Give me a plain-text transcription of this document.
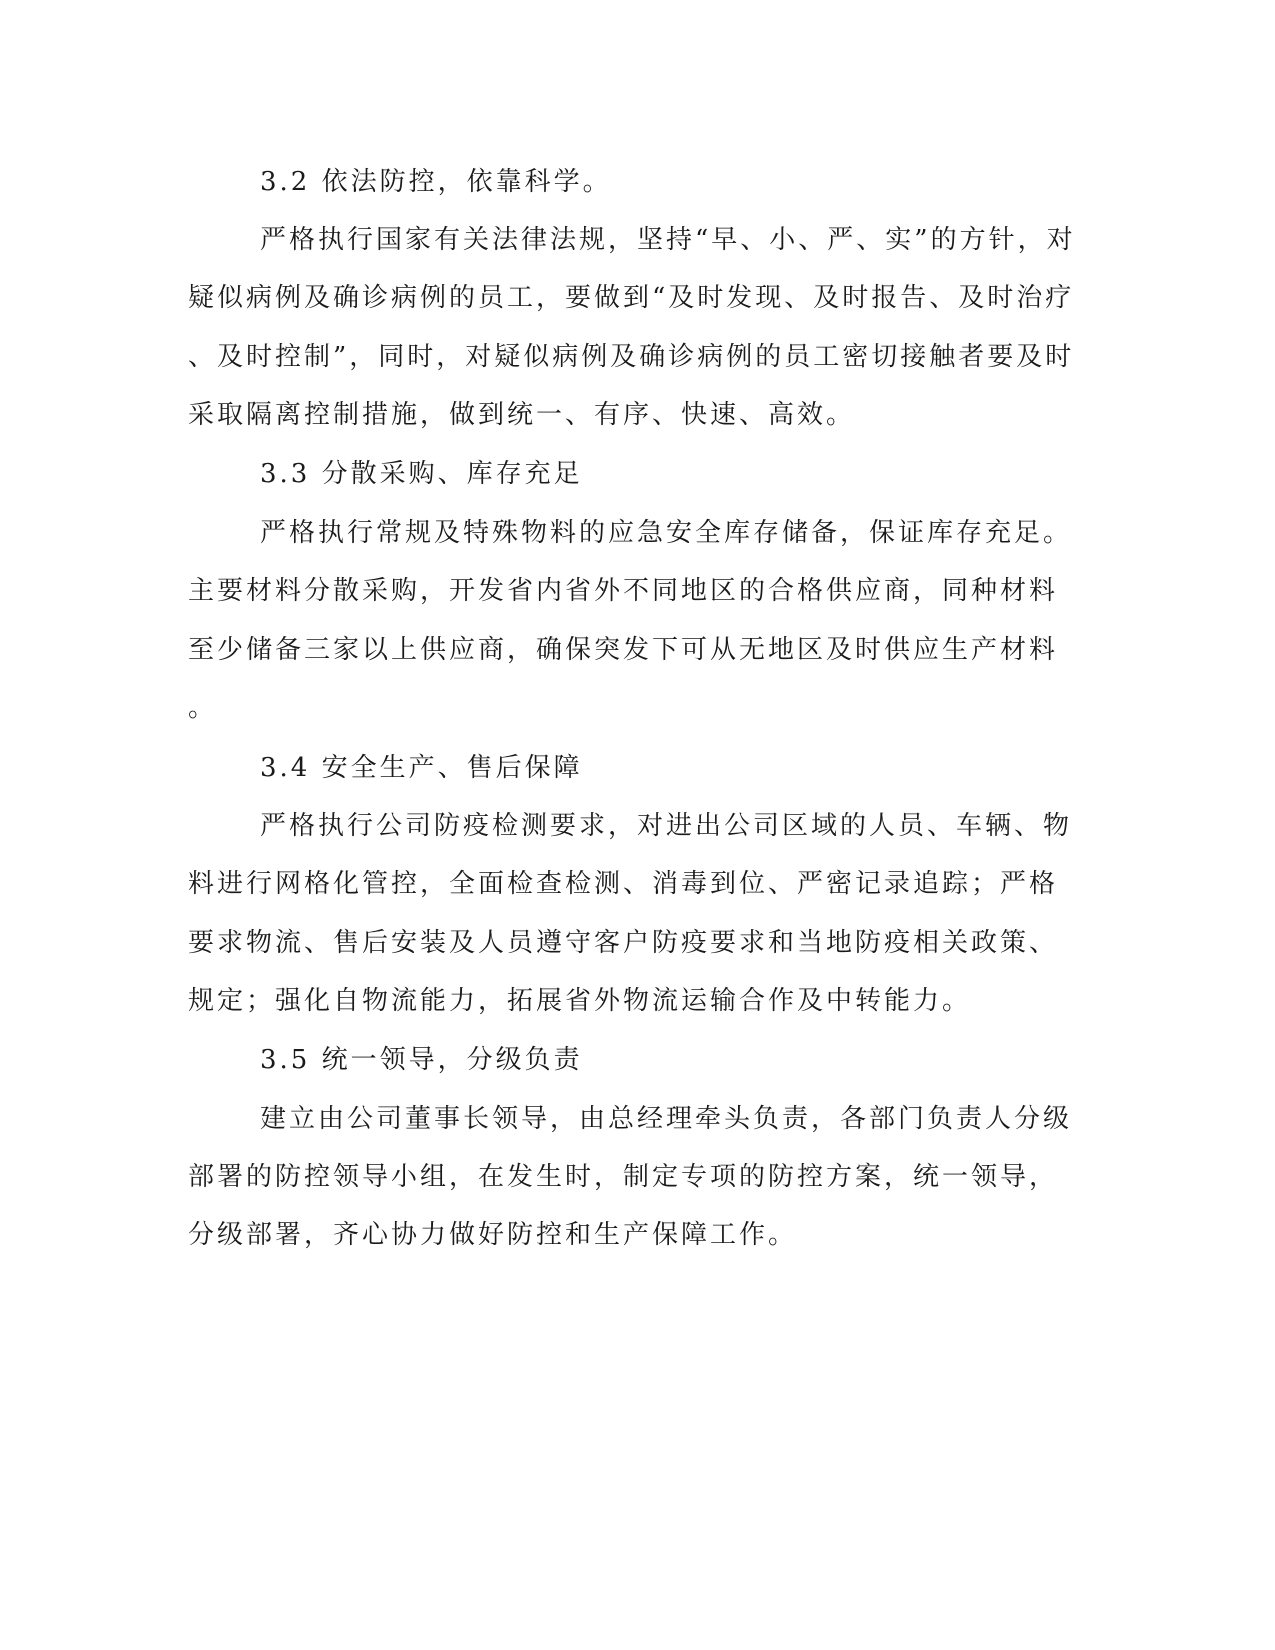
3.2 依法防控，依靠科学。

严格执行国家有关法律法规，坚持“早、小、严、实”的方针，对

疑似病例及确诊病例的员工，要做到“及时发现、及时报告、及时治疗

、及时控制”，同时，对疑似病例及确诊病例的员工密切接触者要及时

采取隔离控制措施，做到统一、有序、快速、高效。

3.3 分散采购、库存充足

严格执行常规及特殊物料的应急安全库存储备，保证库存充足。

主要材料分散采购，开发省内省外不同地区的合格供应商，同种材料

至少储备三家以上供应商，确保突发下可从无地区及时供应生产材料

。

3.4 安全生产、售后保障

严格执行公司防疫检测要求，对进出公司区域的人员、车辆、物

料进行网格化管控，全面检查检测、消毒到位、严密记录追踪；严格

要求物流、售后安装及人员遵守客户防疫要求和当地防疫相关政策、

规定；强化自物流能力，拓展省外物流运输合作及中转能力。

3.5 统一领导，分级负责

建立由公司董事长领导，由总经理牵头负责，各部门负责人分级

部署的防控领导小组，在发生时，制定专项的防控方案，统一领导，

分级部署，齐心协力做好防控和生产保障工作。
